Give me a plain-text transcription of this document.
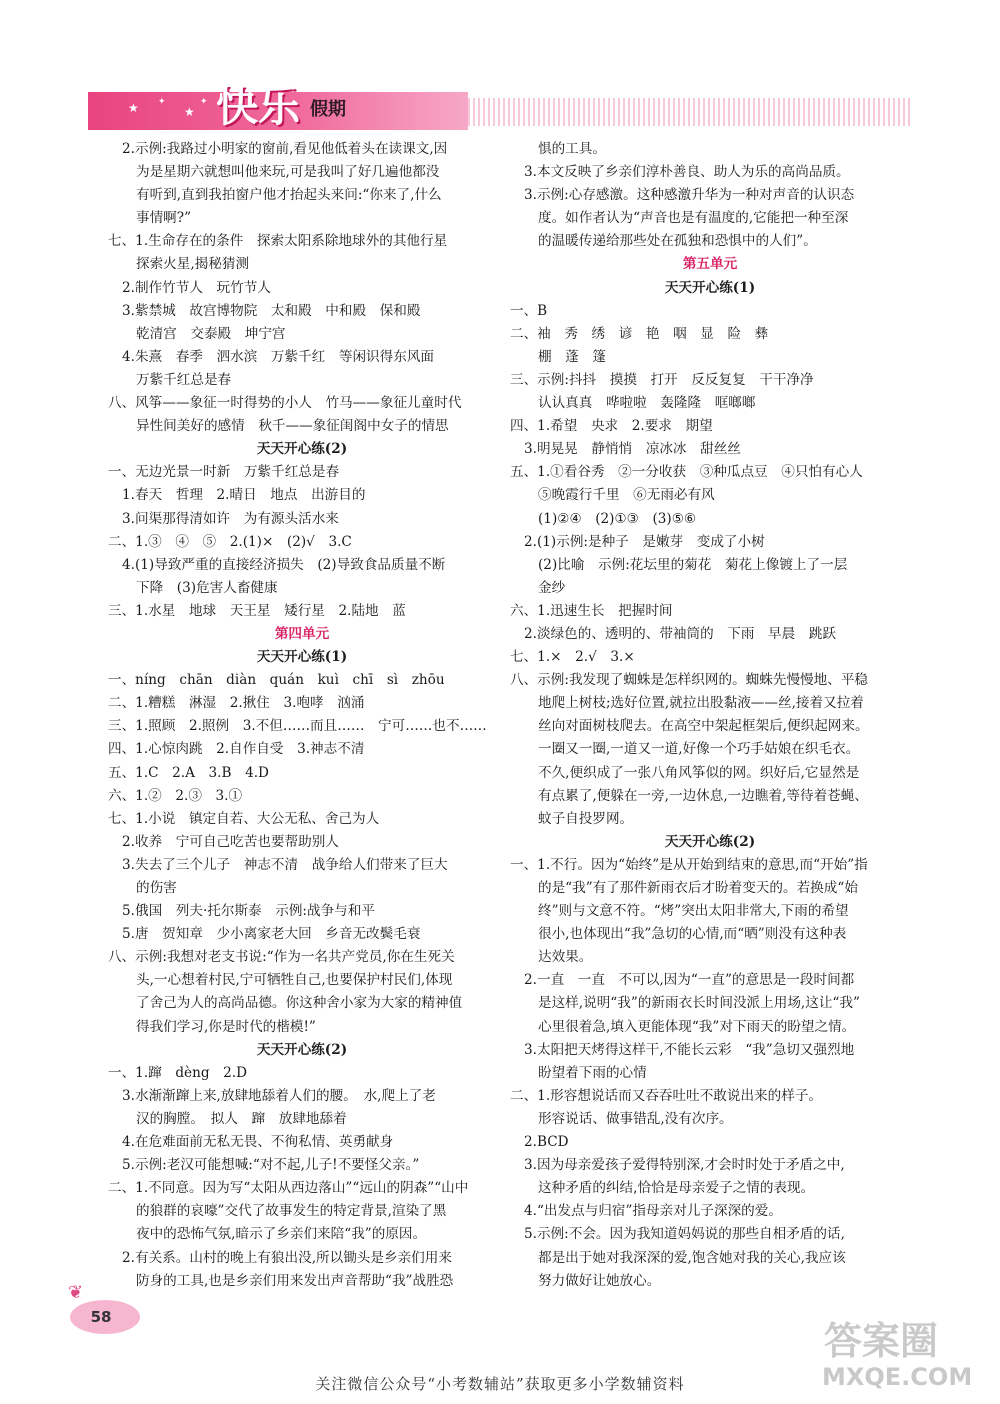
★ ✦
★
✦ 快乐 假期
2.示例:我路过小明家的窗前,看见他低着头在读课文,因
为是星期六就想叫他来玩,可是我叫了好几遍他都没
有听到,直到我拍窗户他才抬起头来问:“你来了,什么
事情啊?”
七、1.生命存在的条件　探索太阳系除地球外的其他行星
探索火星,揭秘猜测
2.制作竹节人　玩竹节人
3.紫禁城　故宫博物院　太和殿　中和殿　保和殿
乾清宫　交泰殿　坤宁宫
4.朱熹　春季　泗水滨　万紫千红　等闲识得东风面
万紫千红总是春
八、风筝——象征一时得势的小人　竹马——象征儿童时代
异性间美好的感情　秋千——象征闺阁中女子的情思
天天开心练(2)
一、无边光景一时新　万紫千红总是春
1.春天　哲理　2.晴日　地点　出游目的
3.问渠那得清如许　为有源头活水来
二、1.③　④　⑤　2.(1)×　(2)√　3.C
4.(1)导致严重的直接经济损失　(2)导致食品质量不断
下降　(3)危害人畜健康
三、1.水星　地球　天王星　矮行星　2.陆地　蓝
第四单元
天天开心练(1)
一、níng　chān　diàn　quán　kuì　chī　sì　zhōu
二、1.糟糕　淋湿　2.揪住　3.咆哮　汹涌
三、1.照顾　2.照例　3.不但……而且……　宁可……也不……
四、1.心惊肉跳　2.自作自受　3.神志不清
五、1.C　2.A　3.B　4.D
六、1.②　2.③　3.①
七、1.小说　镇定自若、大公无私、舍己为人
2.收养　宁可自己吃苦也要帮助别人
3.失去了三个儿子　神志不清　战争给人们带来了巨大
的伤害
5.俄国　列夫·托尔斯泰　示例:战争与和平
5.唐　贺知章　少小离家老大回　乡音无改鬓毛衰
八、示例:我想对老支书说:“作为一名共产党员,你在生死关
头,一心想着村民,宁可牺牲自己,也要保护村民们,体现
了舍己为人的高尚品德。你这种舍小家为大家的精神值
得我们学习,你是时代的楷模!”
天天开心练(2)
一、1.蹿　dèng　2.D
3.水渐渐蹿上来,放肆地舔着人们的腰。　水,爬上了老
汉的胸膛。　拟人　蹿　放肆地舔着
4.在危难面前无私无畏、不徇私情、英勇献身
5.示例:老汉可能想喊:“对不起,儿子!不要怪父亲。”
二、1.不同意。因为写“太阳从西边落山”“远山的阴森”“山中
的狼群的哀嚎”交代了故事发生的特定背景,渲染了黑
夜中的恐怖气氛,暗示了乡亲们来陪“我”的原因。
2.有关系。山村的晚上有狼出没,所以锄头是乡亲们用来
防身的工具,也是乡亲们用来发出声音帮助“我”战胜恐
惧的工具。
3.本文反映了乡亲们淳朴善良、助人为乐的高尚品质。
3.示例:心存感激。这种感激升华为一种对声音的认识态
度。如作者认为“声音也是有温度的,它能把一种至深
的温暖传递给那些处在孤独和恐惧中的人们”。
第五单元
天天开心练(1)
一、B
二、袖　秀　绣　谚　艳　咽　显　险　彝
棚　蓬　篷
三、示例:抖抖　摸摸　打开　反反复复　干干净净
认认真真　哗啦啦　轰隆隆　哐啷啷
四、1.希望　央求　2.要求　期望
3.明晃晃　静悄悄　凉冰冰　甜丝丝
五、1.①看谷秀　②一分收获　③种瓜点豆　④只怕有心人
⑤晚霞行千里　⑥无雨必有风
(1)②④　(2)①③　(3)⑤⑥
2.(1)示例:是种子　是嫩芽　变成了小树
(2)比喻　示例:花坛里的菊花　菊花上像镀上了一层
金纱
六、1.迅速生长　把握时间
2.淡绿色的、透明的、带袖筒的　下雨　早晨　跳跃
七、1.×　2.√　3.×
八、示例:我发现了蜘蛛是怎样织网的。蜘蛛先慢慢地、平稳
地爬上树枝;选好位置,就拉出股黏液——丝,接着又拉着
丝向对面树枝爬去。在高空中架起框架后,便织起网来。
一圈又一圈,一道又一道,好像一个巧手姑娘在织毛衣。
不久,便织成了一张八角风筝似的网。织好后,它显然是
有点累了,便躲在一旁,一边休息,一边瞧着,等待着苍蝇、
蚊子自投罗网。
天天开心练(2)
一、1.不行。因为“始终”是从开始到结束的意思,而“开始”指
的是“我”有了那件新雨衣后才盼着变天的。若换成“始
终”则与文意不符。“烤”突出太阳非常大,下雨的希望
很小,也体现出“我”急切的心情,而“晒”则没有这种表
达效果。
2.一直　一直　不可以,因为“一直”的意思是一段时间都
是这样,说明“我”的新雨衣长时间没派上用场,这让“我”
心里很着急,填入更能体现“我”对下雨天的盼望之情。
3.太阳把天烤得这样干,不能长云彩　“我”急切又强烈地
盼望着下雨的心情
二、1.形容想说话而又吞吞吐吐不敢说出来的样子。
形容说话、做事错乱,没有次序。
2.BCD
3.因为母亲爱孩子爱得特别深,才会时时处于矛盾之中,
这种矛盾的纠结,恰恰是母亲爱子之情的表现。
4.“出发点与归宿”指母亲对儿子深深的爱。
5.示例:不会。因为我知道妈妈说的那些自相矛盾的话,
都是出于她对我深深的爱,饱含她对我的关心,我应该
努力做好让她放心。
❦
58
关注微信公众号“小考数辅站”获取更多小学数辅资料
答案圈
MXQE.COM
